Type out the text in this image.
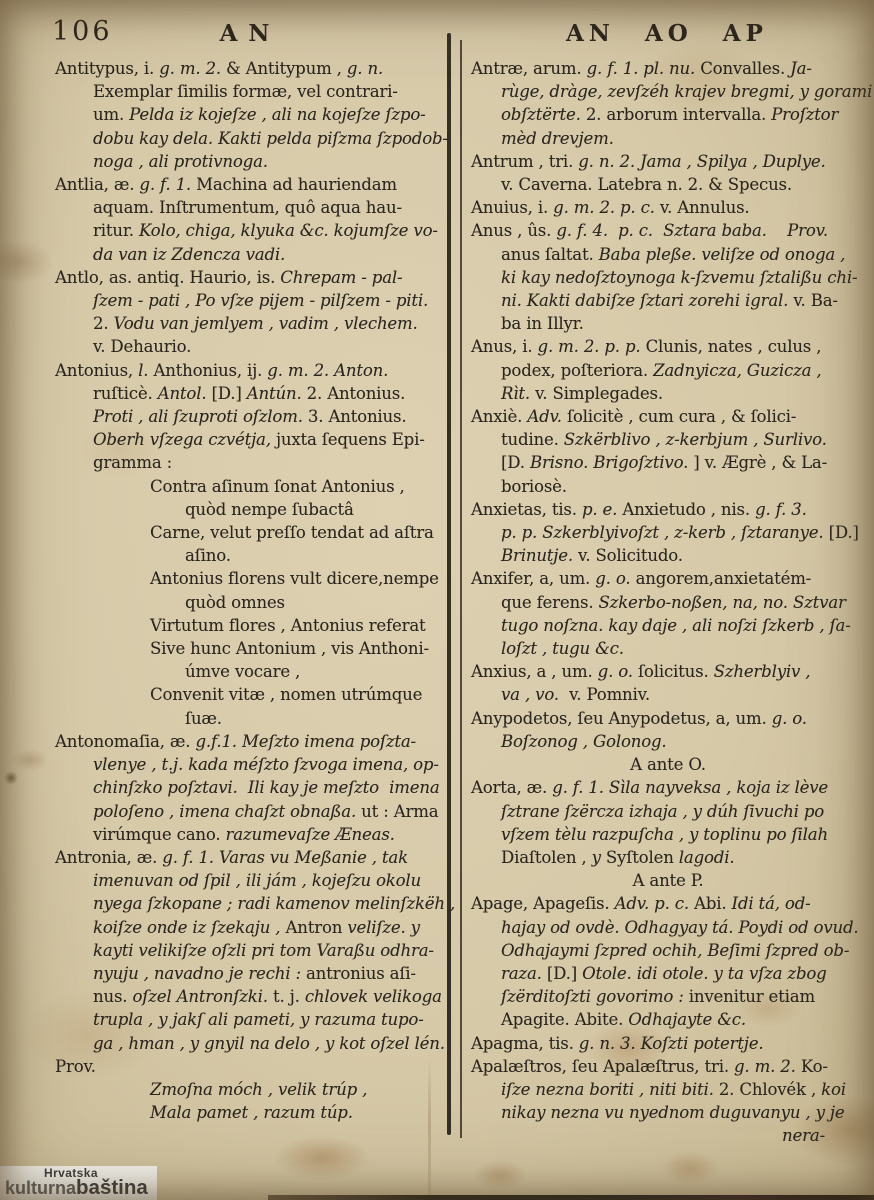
106	AN	AN AO AP
Antitypus, i. g. m. 2. & Antitypum , g. n.
Exemplar ſimilis formæ, vel contrari-
um. Pelda iz kojeſze , ali na kojeſze ſzpo-
dobu kay dela. Kakti pelda piſzma ſzpodob-
noga , ali protivnoga.
Antlia, æ. g. f. 1. Machina ad hauriendam
aquam. Inſtrumentum, quô aqua hau-
ritur. Kolo, chiga, klyuka &c. kojumſze vo-
da van iz Zdencza vadi.
Antlo, as. antiq. Haurio, is. Chrepam - pal-
ſzem - pati , Po vſze pijem - pilſzem - piti.
2. Vodu van jemlyem , vadim , vlechem.
v. Dehaurio.
Antonius, l. Anthonius, ij. g. m. 2. Anton.
ruſticè. Antol. [D.] Antún. 2. Antonius.
Proti , ali ſzuproti oſzlom. 3. Antonius.
Oberh vſzega czvétja, juxta ſequens Epi-
gramma :
Contra aſinum ſonat Antonius ,
quòd nempe ſubactâ
Carne, velut preſſo tendat ad aſtra
aſino.
Antonius florens vult dicere,nempe
quòd omnes
Virtutum flores , Antonius referat
Sive hunc Antonium , vis Anthoni-
úmve vocare ,
Convenit vitæ , nomen utrúmque
ſuæ.
Antonomaſia, æ. g.f.1. Meſzto imena poſzta-
vlenye , t.j. kada méſzto ſzvoga imena, op-
chinſzko poſztavi.  Ili kay je meſzto  imena
poloſeno , imena chaſzt obnaßa. ut : Arma
virúmque cano. razumevaſze Æneas.
Antronia, æ. g. f. 1. Varas vu Meßanie , tak
imenuvan od ſpil , ili jám , kojeſzu okolu
nyega ſzkopane ; radi kamenov melinſzkëh ,
koiſze onde iz ſzekaju , Antron veliſze. y
kayti velikiſze oſzli pri tom Varaßu odhra-
nyuju , navadno je rechi : antronius aſi-
nus. oſzel Antronſzki. t. j. chlovek velikoga
trupla , y jakſ ali pameti, y razuma tupo-
ga , hman , y gnyil na delo , y kot oſzel lén.
Prov.
Zmoſna móch , velik trúp ,
Mala pamet , razum túp.
Antræ, arum. g. f. 1. pl. nu. Convalles. Ja-
rùge, dràge, zevſzéh krajev bregmi, y gorami
obſztërte. 2. arborum intervalla. Proſztor
mèd drevjem.
Antrum , tri. g. n. 2. Jama , Spilya , Duplye.
v. Caverna. Latebra n. 2. & Specus.
Anuius, i. g. m. 2. p. c. v. Annulus.
Anus , ûs. g. f. 4.  p. c.  Sztara baba.    Prov.
anus ſaltat. Baba pleße. veliſze od onoga ,
ki kay nedoſztoynoga k-ſzvemu ſztalißu chi-
ni. Kakti dabiſze ſztari zorehi igral. v. Ba-
ba in Illyr.
Anus, i. g. m. 2. p. p. Clunis, nates , culus ,
podex, poſteriora. Zadnyicza, Guzicza ,
Rìt. v. Simplegades.
Anxiè. Adv. ſolicitè , cum cura , & ſolici-
tudine. Szkërblivo , z-kerbjum , Surlivo.
[D. Brisno. Brigoſztivo. ] v. Ægrè , & La-
boriosè.
Anxietas, tis. p. e. Anxietudo , nis. g. f. 3.
p. p. Szkerblyivoſzt , z-kerb , ſztaranye. [D.]
Brinutje. v. Solicitudo.
Anxifer, a, um. g. o. angorem,anxietatém-
que ferens. Szkerbo-noßen, na, no. Sztvar
tugo noſzna. kay daje , ali noſzi ſzkerb , ſa-
loſzt , tugu &c.
Anxius, a , um. g. o. ſolicitus. Szherblyiv ,
va , vo.  v. Pomniv.
Anypodetos, ſeu Anypodetus, a, um. g. o.
Boſzonog , Golonog.
A ante O.
Aorta, æ. g. f. 1. Sìla nayveksa , koja iz lève
ſztrane ſzërcza izhaja , y dúh ſivuchi po
vſzem tèlu razpuſcha , y toplinu po ſilah
Diaſtolen , y Syſtolen lagodi.
A ante P.
Apage, Apageſis. Adv. p. c. Abi. Idi tá, od-
hajay od ovdè. Odhagyay tá. Poydi od ovud.
Odhajaymi ſzpred ochih, Beſimi ſzpred ob-
raza. [D.] Otole. idi otole. y ta vſza zbog
ſzërditoſzti govorimo : invenitur etiam
Apagite. Abite. Odhajayte &c.
Apagma, tis. g. n. 3. Koſzti potertje.
Apalæſtros, ſeu Apalæſtrus, tri. g. m. 2. Ko-
iſze nezna boriti , niti biti. 2. Chlovék , koi
nikay nezna vu nyednom duguvanyu , y je
nera-
Hrvatska
kulturnabaština
